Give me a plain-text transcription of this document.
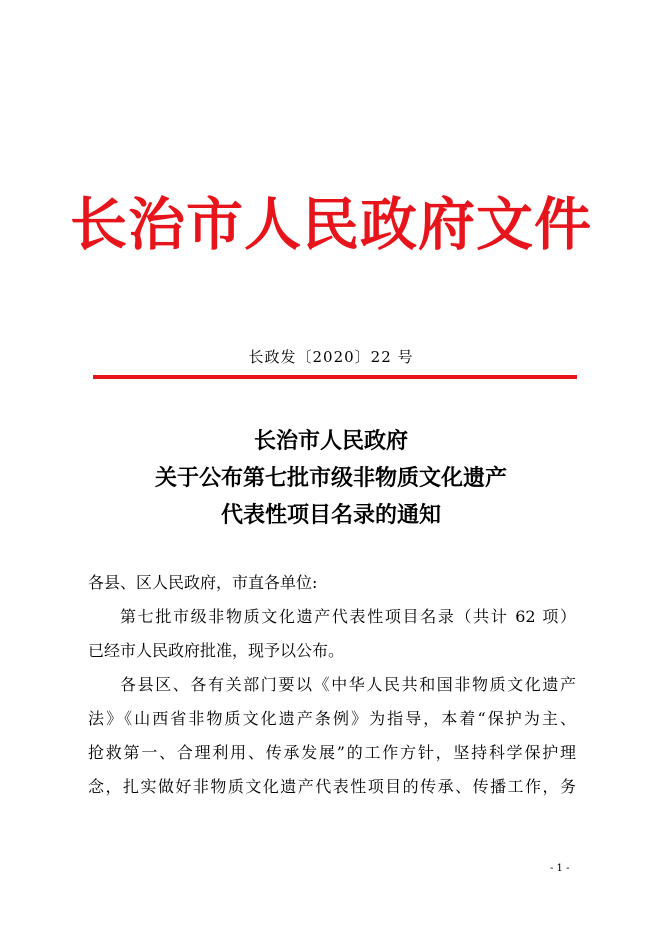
长治市人民政府文件
长政发〔2020〕22 号
长治市人民政府
关于公布第七批市级非物质文化遗产
代表性项目名录的通知
各县、区人民政府，市直各单位:
第七批市级非物质文化遗产代表性项目名录（共计 62 项）
已经市人民政府批准，现予以公布。
各县区、各有关部门要以《中华人民共和国非物质文化遗产
法》《山西省非物质文化遗产条例》为指导，本着“保护为主、
抢救第一、合理利用、传承发展”的工作方针，坚持科学保护理
念，扎实做好非物质文化遗产代表性项目的传承、传播工作，务
- 1 -
